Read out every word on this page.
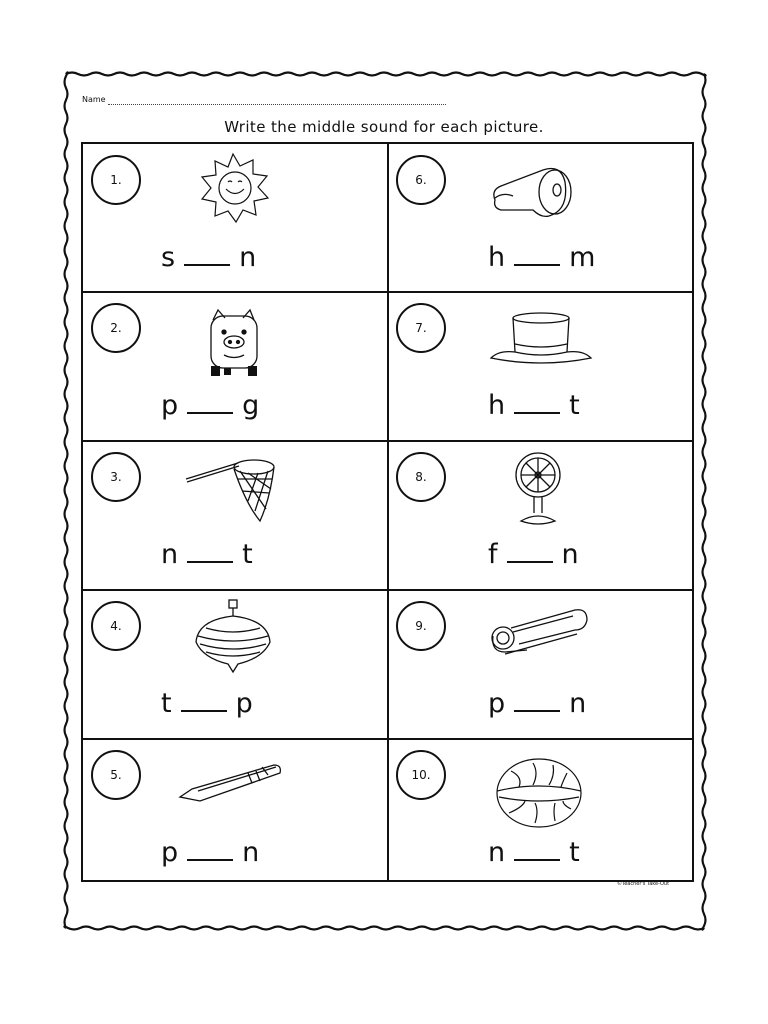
Name
Write the middle sound for each picture.
1.
s n
2.
p g
3.
n t
4.
t p
5.
p n
6.
h m
7.
h t
8.
f n
9.
p n
10.
n t
©Teacher's Take-Out
